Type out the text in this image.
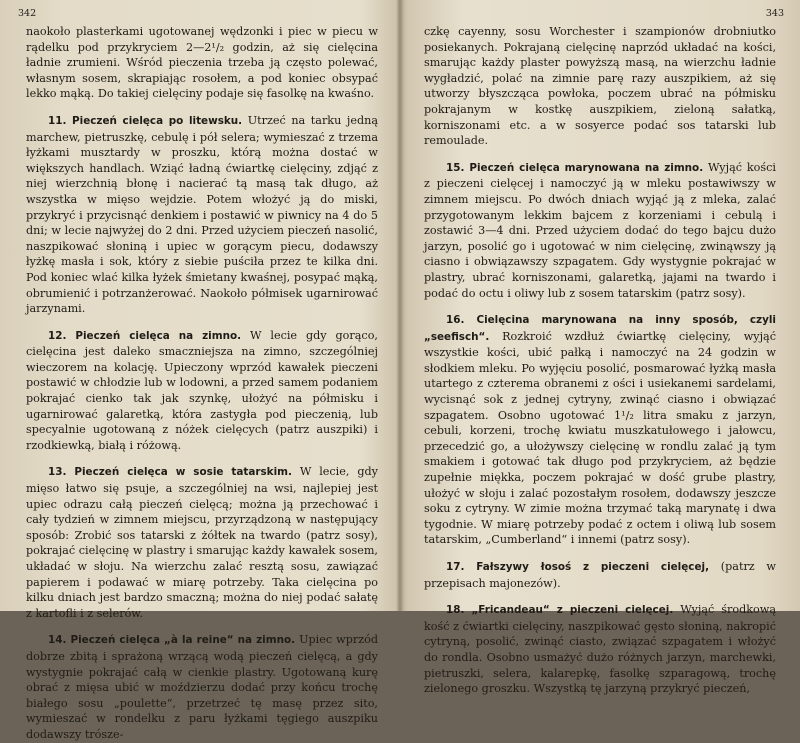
342

naokoło plasterkami ugotowanej wędzonki i piec w piecu w rądelku pod przykryciem 2—2¹/₂ godzin, aż się cielęcina ładnie zrumieni. Wśród pieczenia trzeba ją często polewać, własnym sosem, skrapiając rosołem, a pod koniec obsypać lekko mąką. Do takiej cielęciny podaje się fasolkę na kwaśno.

11. Pieczeń cielęca po litewsku. Utrzeć na tarku jedną marchew, pietruszkę, cebulę i pół selera; wymieszać z trzema łyżkami musztardy w proszku, którą można dostać w większych handlach. Wziąć ładną ćwiartkę cielęciny, zdjąć z niej wierzchnią błonę i nacierać tą masą tak długo, aż wszystka w mięso wejdzie. Potem włożyć ją do miski, przykryć i przycisnąć denkiem i postawić w piwnicy na 4 do 5 dni; w lecie najwyżej do 2 dni. Przed użyciem pieczeń nasolić, naszpikować słoniną i upiec w gorącym piecu, dodawszy łyżkę masła i sok, który z siebie puściła przez te kilka dni. Pod koniec wlać kilka łyżek śmietany kwaśnej, posypać mąką, obrumienić i potrzanżerować. Naokoło półmisek ugarnirować jarzynami.

12. Pieczeń cielęca na zimno. W lecie gdy gorąco, cielęcina jest daleko smaczniejsza na zimno, szczególniej wieczorem na kolację. Upieczony wprzód kawałek pieczeni postawić w chłodzie lub w lodowni, a przed samem podaniem pokrajać cienko tak jak szynkę, ułożyć na półmisku i ugarnirować galaretką, która zastygła pod pieczenią, lub specyalnie ugotowaną z nóżek cielęcych (patrz auszpiki) i rzodkiewką, białą i różową.

13. Pieczeń cielęca w sosie tatarskim. W lecie, gdy mięso łatwo się psuje, a szczególniej na wsi, najlepiej jest upiec odrazu całą pieczeń cielęcą; można ją przechować i cały tydzień w zimnem miejscu, przyrządzoną w następujący sposób: Zrobić sos tatarski z żółtek na twardo (patrz sosy), pokrajać cielęcinę w plastry i smarując każdy kawałek sosem, układać w słoju. Na wierzchu zalać resztą sosu, zawiązać papierem i podawać w miarę potrzeby. Taka cielęcina po kilku dniach jest bardzo smaczną; można do niej podać sałatę z kartofli i z selerów.

14. Pieczeń cielęca „à la reine“ na zimno. Upiec wprzód dobrze zbitą i sprażoną wrzącą wodą pieczeń cielęcą, a gdy wystygnie pokrajać całą w cienkie plastry. Ugotowaną kurę obrać z mięsa ubić w moździerzu dodać przy końcu trochę białego sosu „poulette“, przetrzeć tę masę przez sito, wymieszać w rondelku z paru łyżkami tęgiego auszpiku dodawszy trósze-

343

czkę cayenny, sosu Worchester i szampionów drobniutko posiekanych. Pokrajaną cielęcinę naprzód układać na kości, smarując każdy plaster powyższą masą, na wierzchu ładnie wygładzić, polać na zimnie parę razy auszpikiem, aż się utworzy błyszcząca powłoka, poczem ubrać na półmisku pokrajanym w kostkę auszpikiem, zieloną sałatką, korniszonami etc. a w sosyerce podać sos tatarski lub remoulade.

15. Pieczeń cielęca marynowana na zimno. Wyjąć kości z pieczeni cielęcej i namoczyć ją w mleku postawiwszy w zimnem miejscu. Po dwóch dniach wyjąć ją z mleka, zalać przygotowanym lekkim bajcem z korzeniami i cebulą i zostawić 3—4 dni. Przed użyciem dodać do tego bajcu dużo jarzyn, posolić go i ugotować w nim cielęcinę, zwinąwszy ją ciasno i obwiązawszy szpagatem. Gdy wystygnie pokrajać w plastry, ubrać korniszonami, galaretką, jajami na twardo i podać do octu i oliwy lub z sosem tatarskim (patrz sosy).

16. Cielęcina marynowana na inny sposób, czyli „seefisch“. Rozkroić wzdłuż ćwiartkę cielęciny, wyjąć wszystkie kości, ubić pałką i namoczyć na 24 godzin w słodkiem mleku. Po wyjęciu posolić, posmarować łyżką masła utartego z czterema obranemi z ości i usiekanemi sardelami, wycisnąć sok z jednej cytryny, zwinąć ciasno i obwiązać szpagatem. Osobno ugotować 1¹/₂ litra smaku z jarzyn, cebuli, korzeni, trochę kwiatu muszkatułowego i jałowcu, przecedzić go, a ułożywszy cielęcinę w rondlu zalać ją tym smakiem i gotować tak długo pod przykryciem, aż będzie zupełnie miękka, poczem pokrajać w dość grube plastry, ułożyć w słoju i zalać pozostałym rosołem, dodawszy jeszcze soku z cytryny. W zimie można trzymać taką marynatę i dwa tygodnie. W miarę potrzeby podać z octem i oliwą lub sosem tatarskim, „Cumberland“ i innemi (patrz sosy).

17. Fałszywy łosoś z pieczeni cielęcej, (patrz w przepisach majonezów).

18. „Fricandeau“ z pieczeni cielęcej. Wyjąć środkową kość z ćwiartki cielęciny, naszpikować gęsto słoniną, nakropić cytryną, posolić, zwinąć ciasto, związać szpagatem i włożyć do rondla. Osobno usmażyć dużo różnych jarzyn, marchewki, pietruszki, selera, kalarepkę, fasolkę szparagową, trochę zielonego groszku. Wszystką tę jarzyną przykryć pieczeń,
